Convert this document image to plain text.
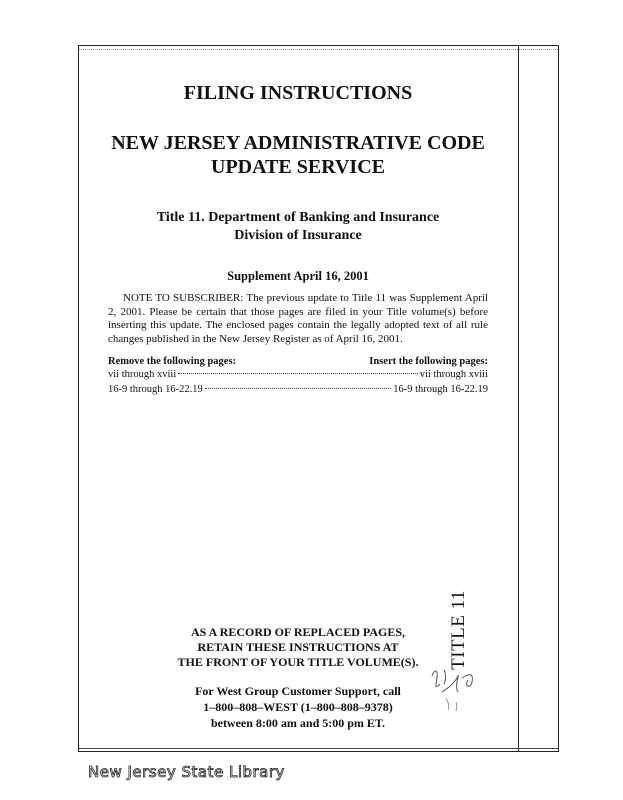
TITLE 11

FILING INSTRUCTIONS

NEW JERSEY ADMINISTRATIVE CODE
UPDATE SERVICE

Title 11. Department of Banking and Insurance
Division of Insurance

Supplement April 16, 2001

NOTE TO SUBSCRIBER: The previous update to Title 11 was Supplement April 2, 2001. Please be certain that those pages are filed in your Title volume(s) before inserting this update. The enclosed pages contain the legally adopted text of all rule changes published in the New Jersey Register as of April 16, 2001.

Remove the following pages:	Insert the following pages:
vii through xviii	vii through xviii
16-9 through 16-22.19	16-9 through 16-22.19
AS A RECORD OF REPLACED PAGES,
RETAIN THESE INSTRUCTIONS AT
THE FRONT OF YOUR TITLE VOLUME(S).
For West Group Customer Support, call
1–800–808–WEST (1–800–808–9378)
between 8:00 am and 5:00 pm ET.
New Jersey State Library
